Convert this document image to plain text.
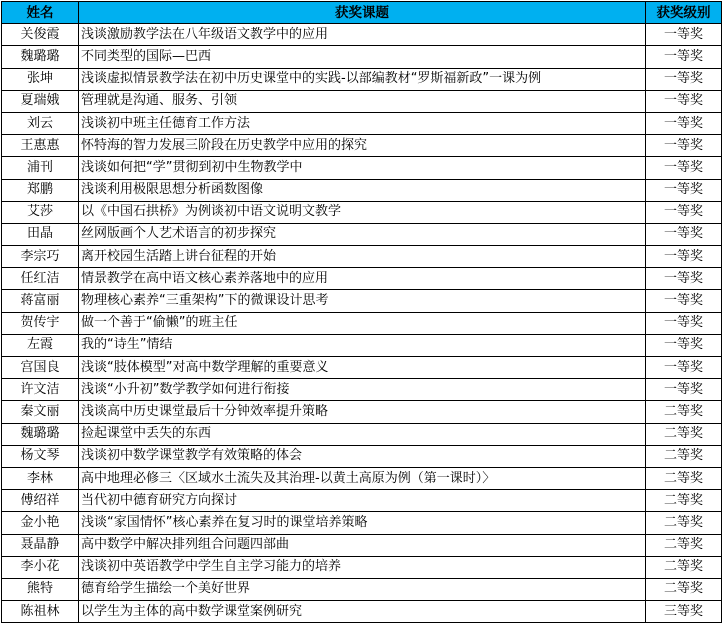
姓名	获奖课题	获奖级别
关俊霞	浅谈激励教学法在八年级语文教学中的应用	一等奖
魏璐璐	不同类型的国际—巴西	一等奖
张坤	浅谈虚拟情景教学法在初中历史课堂中的实践-以部编教材“罗斯福新政”一课为例	一等奖
夏瑞娥	管理就是沟通、服务、引领	一等奖
刘云	浅谈初中班主任德育工作方法	一等奖
王惠惠	怀特海的智力发展三阶段在历史教学中应用的探究	一等奖
浦刊	浅谈如何把“学”贯彻到初中生物教学中	一等奖
郑鹏	浅谈利用极限思想分析函数图像	一等奖
艾莎	以《中国石拱桥》为例谈初中语文说明文教学	一等奖
田晶	丝网版画个人艺术语言的初步探究	一等奖
李宗巧	离开校园生活踏上讲台征程的开始	一等奖
任红洁	情景教学在高中语文核心素养落地中的应用	一等奖
蒋富丽	物理核心素养“三重架构”下的微课设计思考	一等奖
贺传宇	做一个善于“偷懒”的班主任	一等奖
左霞	我的“诗生”情结	一等奖
宫国良	浅谈“肢体模型”对高中数学理解的重要意义	一等奖
许文洁	浅谈“小升初”数学教学如何进行衔接	一等奖
秦文丽	浅谈高中历史课堂最后十分钟效率提升策略	二等奖
魏璐璐	捡起课堂中丢失的东西	二等奖
杨文琴	浅谈初中数学课堂教学有效策略的体会	二等奖
李林	高中地理必修三〈区域水土流失及其治理-以黄土高原为例（第一课时）〉	二等奖
傅绍祥	当代初中德育研究方向探讨	二等奖
金小艳	浅谈“家国情怀”核心素养在复习时的课堂培养策略	二等奖
聂晶静	高中数学中解决排列组合问题四部曲	二等奖
李小花	浅谈初中英语教学中学生自主学习能力的培养	二等奖
熊特	德育给学生描绘一个美好世界	二等奖
陈祖林	以学生为主体的高中数学课堂案例研究	三等奖
